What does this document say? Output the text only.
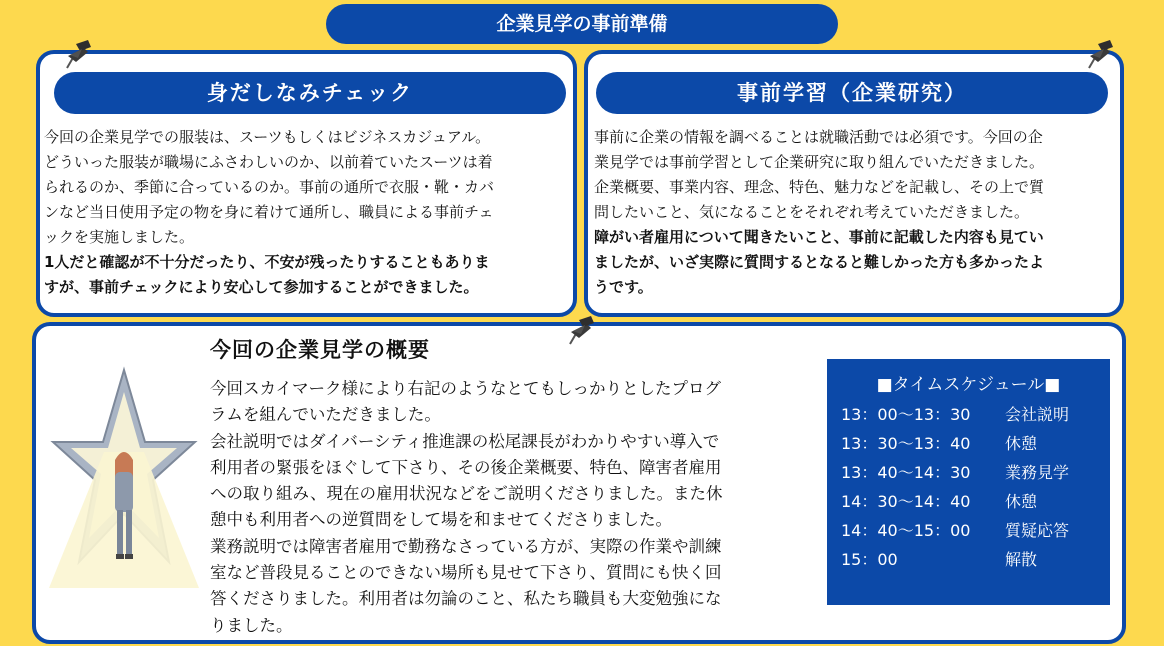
企業見学の事前準備
身だしなみチェック

今回の企業見学での服装は、スーツもしくはビジネスカジュアル。

どういった服装が職場にふさわしいのか、以前着ていたスーツは着

られるのか、季節に合っているのか。事前の通所で衣服・靴・カバ

ンなど当日使用予定の物を身に着けて通所し、職員による事前チェ

ックを実施しました。

1人だと確認が不十分だったり、不安が残ったりすることもありま

すが、事前チェックにより安心して参加することができました。

事前学習（企業研究）

事前に企業の情報を調べることは就職活動では必須です。今回の企

業見学では事前学習として企業研究に取り組んでいただきました。

企業概要、事業内容、理念、特色、魅力などを記載し、その上で質

問したいこと、気になることをそれぞれ考えていただきました。

障がい者雇用について聞きたいこと、事前に記載した内容も見てい

ましたが、いざ実際に質問するとなると難しかった方も多かったよ

うです。

今回の企業見学の概要
今回スカイマーク様により右記のようなとてもしっかりとしたプログ
ラムを組んでいただきました。
会社説明ではダイバーシティ推進課の松尾課長がわかりやすい導入で
利用者の緊張をほぐして下さり、その後企業概要、特色、障害者雇用
への取り組み、現在の雇用状況などをご説明くださりました。また休
憩中も利用者への逆質問をして場を和ませてくださりました。
業務説明では障害者雇用で勤務なさっている方が、実際の作業や訓練
室など普段見ることのできない場所も見せて下さり、質問にも快く回
答くださりました。利用者は勿論のこと、私たち職員も大変勉強にな
りました。
■タイムスケジュール■
13：00〜13：30 会社説明
13：30〜13：40 休憩
13：40〜14：30 業務見学
14：30〜14：40 休憩
14：40〜15：00 質疑応答
15：00	解散
